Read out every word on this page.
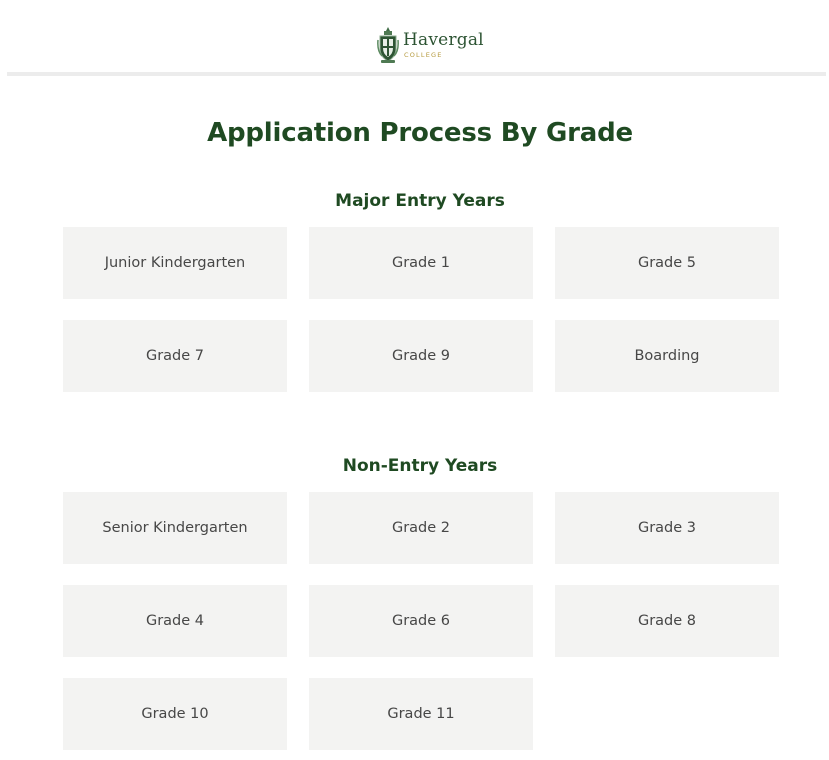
Havergal
COLLEGE
Application Process By Grade
Major Entry Years
Junior Kindergarten	Grade 1	Grade 5
Grade 7	Grade 9	Boarding
Non-Entry Years
Senior Kindergarten	Grade 2	Grade 3
Grade 4	Grade 6	Grade 8
Grade 10	Grade 11
